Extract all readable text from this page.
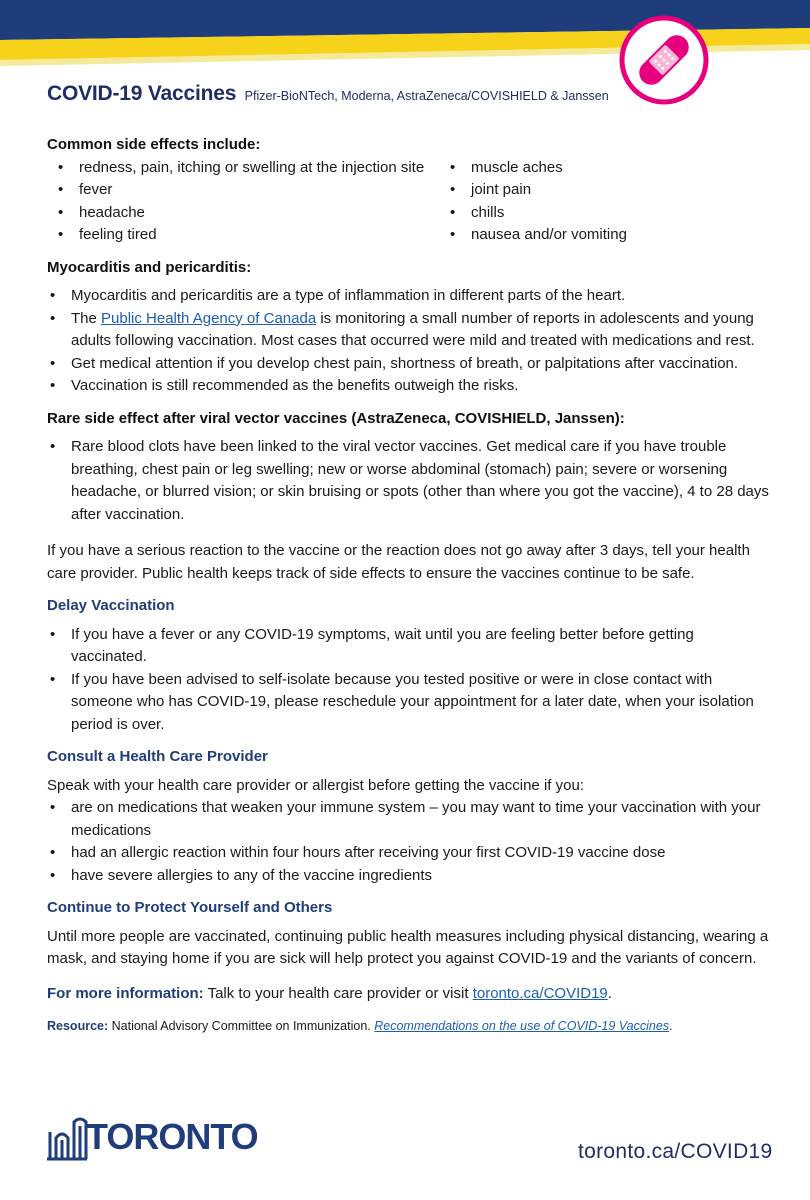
COVID-19 Vaccines Pfizer-BioNTech, Moderna, AstraZeneca/COVISHIELD & Janssen
Common side effects include:
• redness, pain, itching or swelling at the injection site
• fever
• headache
• feeling tired
• muscle aches
• joint pain
• chills
• nausea and/or vomiting
Myocarditis and pericarditis:
• Myocarditis and pericarditis are a type of inflammation in different parts of the heart.
• The Public Health Agency of Canada is monitoring a small number of reports in adolescents and young adults following vaccination. Most cases that occurred were mild and treated with medications and rest.
• Get medical attention if you develop chest pain, shortness of breath, or palpitations after vaccination.
• Vaccination is still recommended as the benefits outweigh the risks.
Rare side effect after viral vector vaccines (AstraZeneca, COVISHIELD, Janssen):
• Rare blood clots have been linked to the viral vector vaccines. Get medical care if you have trouble breathing, chest pain or leg swelling; new or worse abdominal (stomach) pain; severe or worsening headache, or blurred vision; or skin bruising or spots (other than where you got the vaccine), 4 to 28 days after vaccination.

If you have a serious reaction to the vaccine or the reaction does not go away after 3 days, tell your health care provider. Public health keeps track of side effects to ensure the vaccines continue to be safe.

Delay Vaccination
• If you have a fever or any COVID-19 symptoms, wait until you are feeling better before getting vaccinated.
• If you have been advised to self-isolate because you tested positive or were in close contact with someone who has COVID-19, please reschedule your appointment for a later date, when your isolation period is over.
Consult a Health Care Provider

Speak with your health care provider or allergist before getting the vaccine if you:

• are on medications that weaken your immune system – you may want to time your vaccination with your medications
• had an allergic reaction within four hours after receiving your first COVID-19 vaccine dose
• have severe allergies to any of the vaccine ingredients
Continue to Protect Yourself and Others

Until more people are vaccinated, continuing public health measures including physical distancing, wearing a mask, and staying home if you are sick will help protect you against COVID-19 and the variants of concern.

For more information: Talk to your health care provider or visit toronto.ca/COVID19.

Resource: National Advisory Committee on Immunization. Recommendations on the use of COVID-19 Vaccines.

TORONTO	toronto.ca/COVID19
